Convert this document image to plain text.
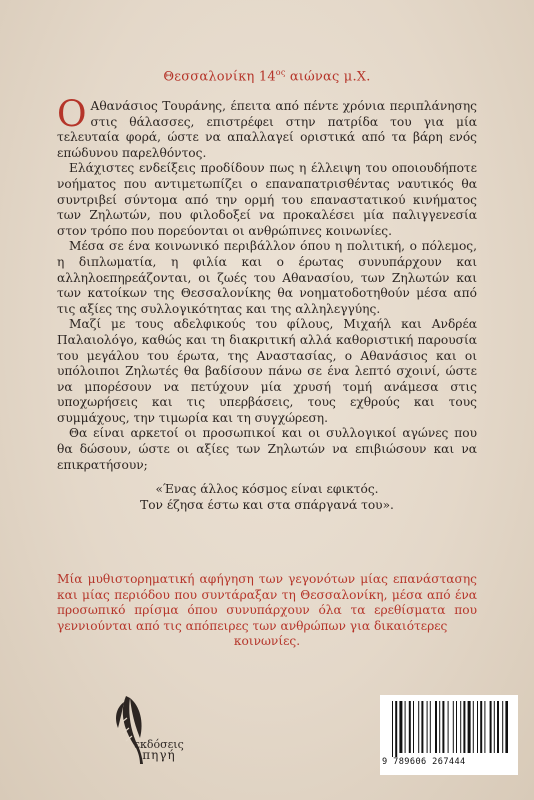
Θεσσαλονίκη $14^{o\varsigma}$ αιώνας μ.Χ.

Ο Αθανάσιος Τουράνης, έπειτα από πέντε χρόνια περιπλάνησης στις θάλασσες, επιστρέφει στην πατρίδα του για μία τελευταία φορά, ώστε να απαλλαγεί οριστικά από τα βάρη ενός επώδυνου παρελθόντος.

Ελάχιστες ενδείξεις προδίδουν πως η έλλειψη του οποιουδήποτε νοήματος που αντιμετωπίζει ο επαναπατρισθέντας ναυτικός θα συντριβεί σύντομα από την ορμή του επαναστατικού κινήματος των Ζηλωτών, που φιλοδοξεί να προκαλέσει μία παλιγγενεσία στον τρόπο που πορεύονται οι ανθρώπινες κοινωνίες.

Μέσα σε ένα κοινωνικό περιβάλλον όπου η πολιτική, ο πόλεμος, η διπλωματία, η φιλία και ο έρωτας συνυπάρχουν και αλληλοεπηρεάζονται, οι ζωές του Αθανασίου, των Ζηλωτών και των κατοίκων της Θεσσαλονίκης θα νοηματοδοτηθούν μέσα από τις αξίες της συλλογικότητας και της αλληλεγγύης.

Μαζί με τους αδελφικούς του φίλους, Μιχαήλ και Ανδρέα Παλαιολόγο, καθώς και τη διακριτική αλλά καθοριστική παρουσία του μεγάλου του έρωτα, της Αναστασίας, ο Αθανάσιος και οι υπόλοιποι Ζηλωτές θα βαδίσουν πάνω σε ένα λεπτό σχοινί, ώστε να μπορέσουν να πετύχουν μία χρυσή τομή ανάμεσα στις υποχωρήσεις και τις υπερβάσεις, τους εχθρούς και τους συμμάχους, την τιμωρία και τη συγχώρεση.

Θα είναι αρκετοί οι προσωπικοί και οι συλλογικοί αγώνες που θα δώσουν, ώστε οι αξίες των Ζηλωτών να επιβιώσουν και να επικρατήσουν;

«Ένας άλλος κόσμος είναι εφικτός.
Τον έζησα έστω και στα σπάργανά του».
Μία μυθιστορηματική αφήγηση των γεγονότων μίας επανάστασης και μίας περιόδου που συντάραξαν τη Θεσσαλονίκη, μέσα από ένα προσωπικό πρίσμα όπου συνυπάρχουν όλα τα ερεθίσματα που γεννιούνται από τις απόπειρες των ανθρώπων για δικαιότερες
κοινωνίες.
εκδόσεις
πηγή	9 789606 267444
